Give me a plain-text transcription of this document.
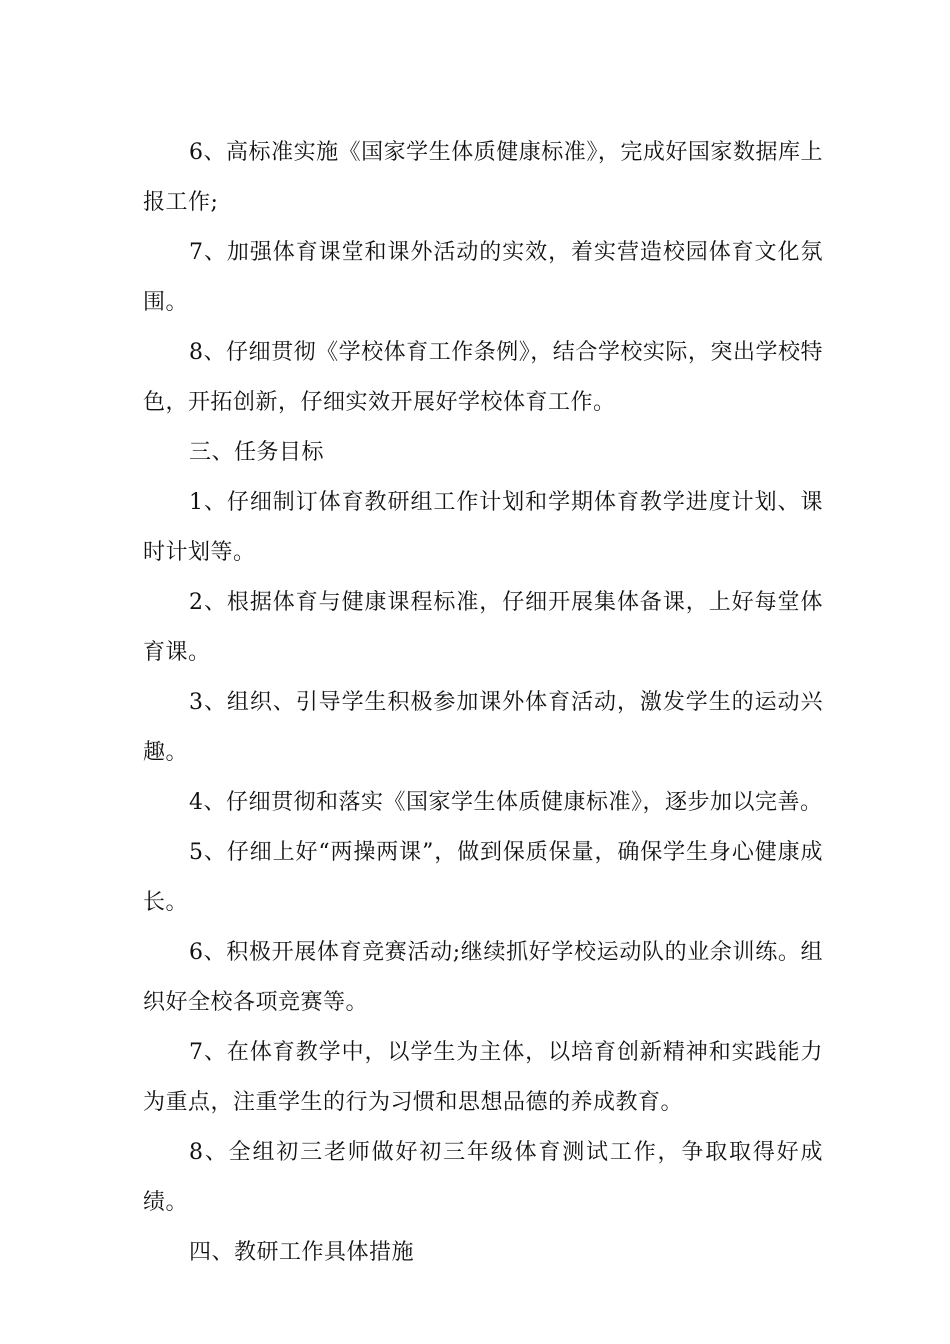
6、高标准实施《国家学生体质健康标准》，完成好国家数据库上报工作;

7、加强体育课堂和课外活动的实效，着实营造校园体育文化氛围。

8、仔细贯彻《学校体育工作条例》，结合学校实际，突出学校特色，开拓创新，仔细实效开展好学校体育工作。

三、任务目标

1、仔细制订体育教研组工作计划和学期体育教学进度计划、课时计划等。

2、根据体育与健康课程标准，仔细开展集体备课，上好每堂体育课。

3、组织、引导学生积极参加课外体育活动，激发学生的运动兴趣。

4、仔细贯彻和落实《国家学生体质健康标准》，逐步加以完善。

5、仔细上好“两操两课”，做到保质保量，确保学生身心健康成长。

6、积极开展体育竞赛活动;继续抓好学校运动队的业余训练。组织好全校各项竞赛等。

7、在体育教学中，以学生为主体，以培育创新精神和实践能力为重点，注重学生的行为习惯和思想品德的养成教育。

8、全组初三老师做好初三年级体育测试工作，争取取得好成绩。

四、教研工作具体措施
